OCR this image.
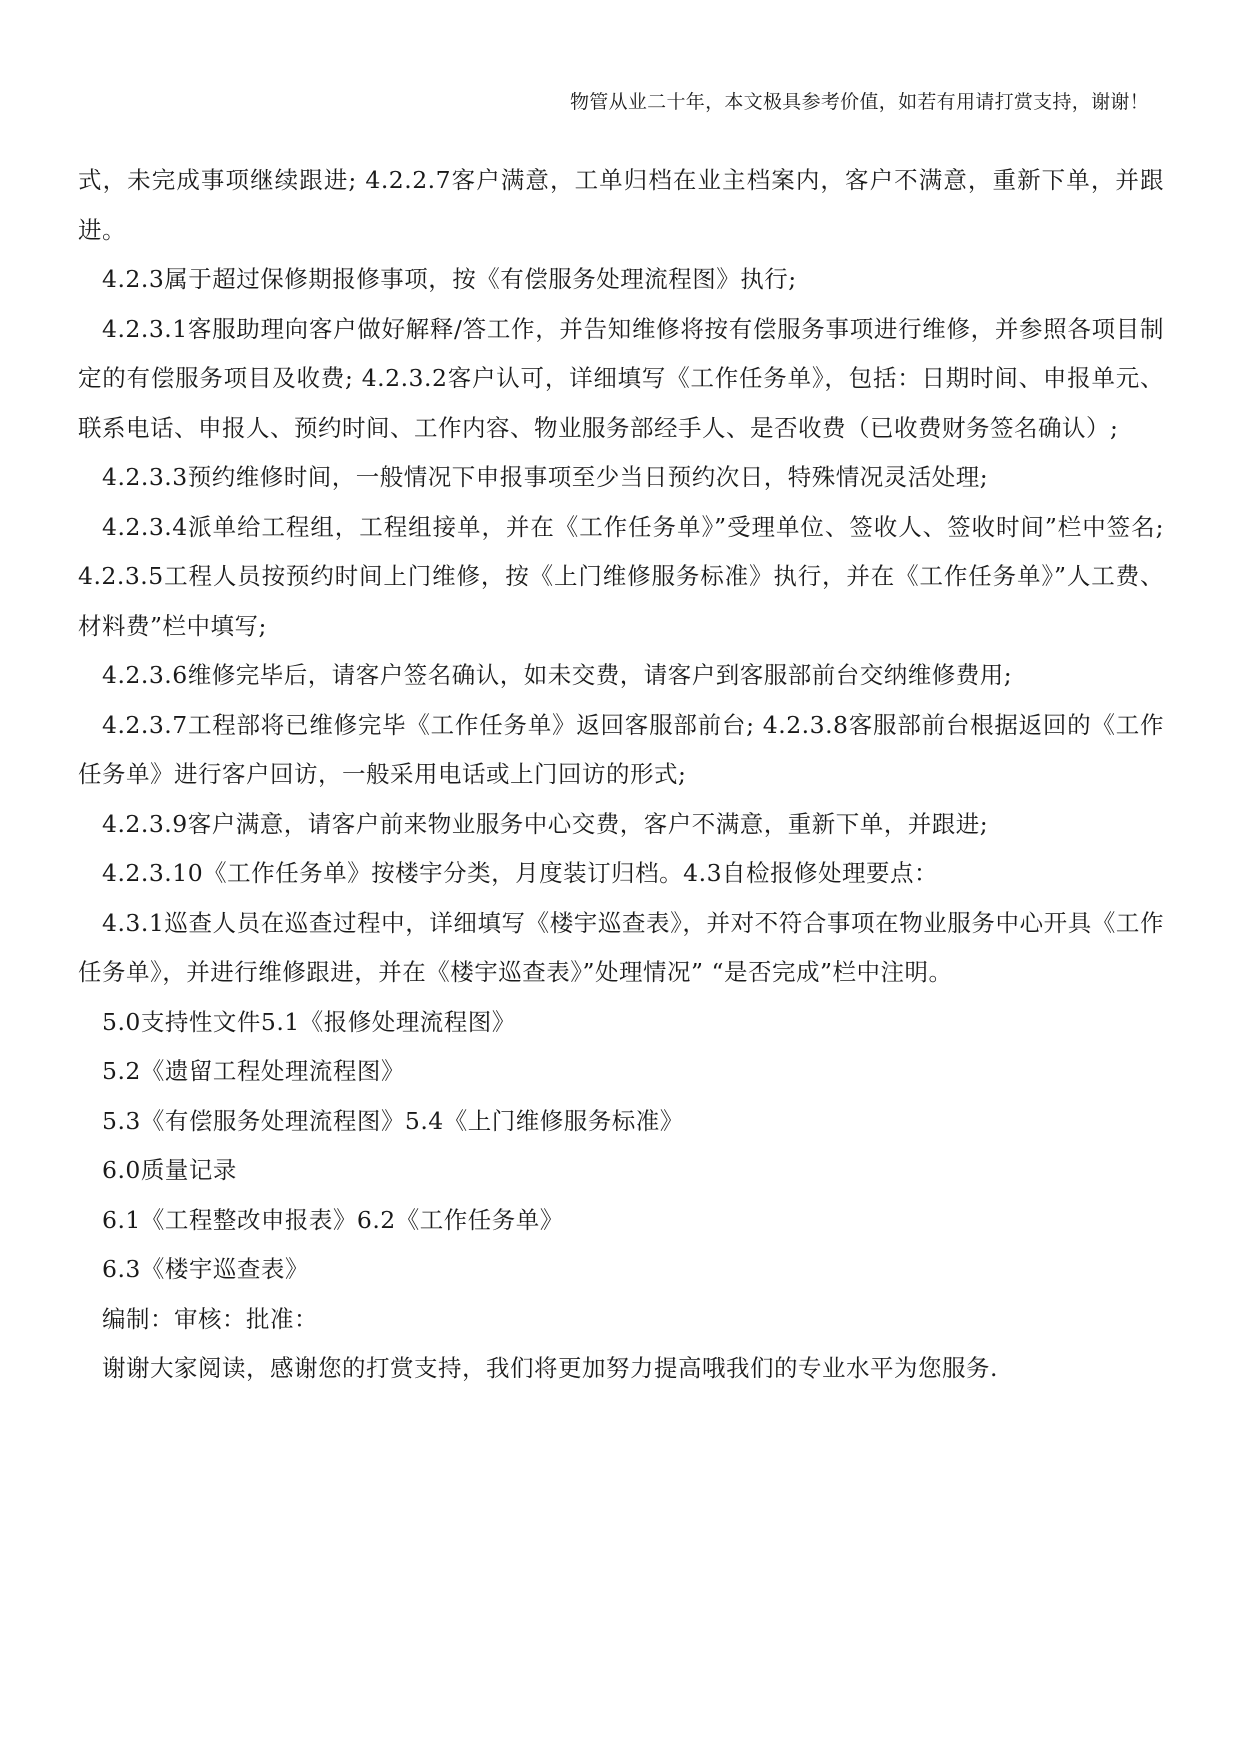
物管从业二十年，本文极具参考价值，如若有用请打赏支持，谢谢！

式，未完成事项继续跟进; 4.2.2.7客户满意，工单归档在业主档案内，客户不满意，重新下单，并跟进。

4.2.3属于超过保修期报修事项，按《有偿服务处理流程图》执行;

4.2.3.1客服助理向客户做好解释/答工作，并告知维修将按有偿服务事项进行维修，并参照各项目制定的有偿服务项目及收费; 4.2.3.2客户认可，详细填写《工作任务单》，包括：日期时间、申报单元、联系电话、申报人、预约时间、工作内容、物业服务部经手人、是否收费（已收费财务签名确认）;

4.2.3.3预约维修时间，一般情况下申报事项至少当日预约次日，特殊情况灵活处理;

4.2.3.4派单给工程组，工程组接单，并在《工作任务单》”受理单位、签收人、签收时间”栏中签名; 4.2.3.5工程人员按预约时间上门维修，按《上门维修服务标准》执行，并在《工作任务单》”人工费、材料费”栏中填写;

4.2.3.6维修完毕后，请客户签名确认，如未交费，请客户到客服部前台交纳维修费用;

4.2.3.7工程部将已维修完毕《工作任务单》返回客服部前台; 4.2.3.8客服部前台根据返回的《工作任务单》进行客户回访，一般采用电话或上门回访的形式;

4.2.3.9客户满意，请客户前来物业服务中心交费，客户不满意，重新下单，并跟进;

4.2.3.10《工作任务单》按楼宇分类，月度装订归档。4.3自检报修处理要点：

4.3.1巡查人员在巡查过程中，详细填写《楼宇巡查表》，并对不符合事项在物业服务中心开具《工作任务单》，并进行维修跟进，并在《楼宇巡查表》”处理情况” “是否完成”栏中注明。

5.0支持性文件5.1《报修处理流程图》

5.2《遗留工程处理流程图》

5.3《有偿服务处理流程图》5.4《上门维修服务标准》

6.0质量记录

6.1《工程整改申报表》6.2《工作任务单》

6.3《楼宇巡查表》

编制：审核：批准：

谢谢大家阅读，感谢您的打赏支持，我们将更加努力提高哦我们的专业水平为您服务.
